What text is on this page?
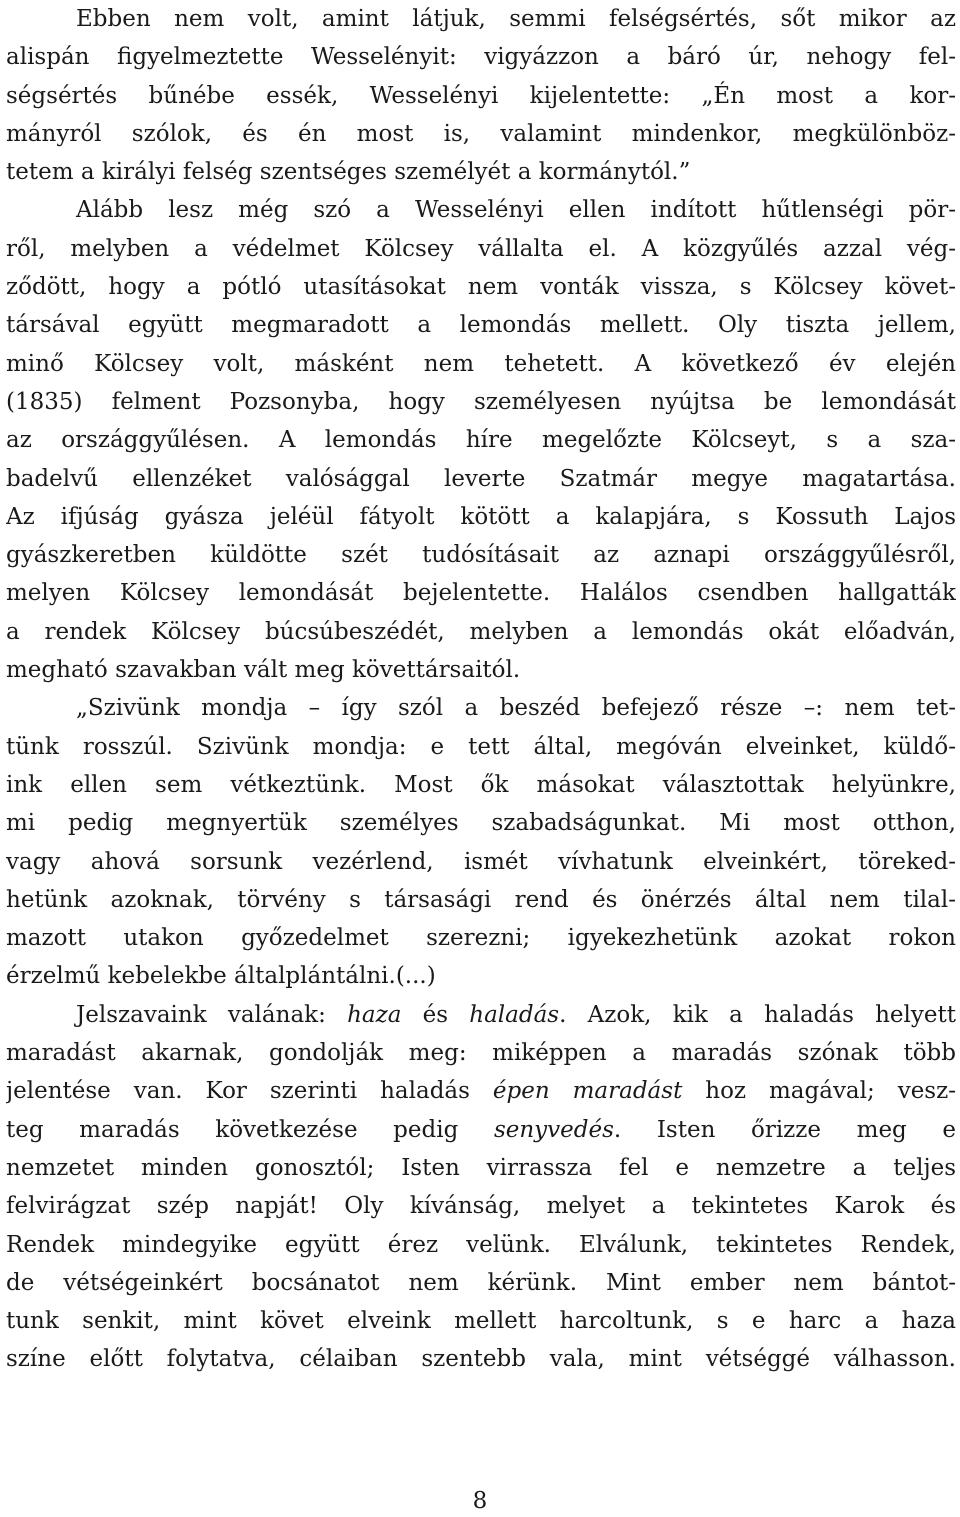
Ebben nem volt, amint látjuk, semmi felségsértés, sőt mikor az
alispán figyelmeztette Wesselényit: vigyázzon a báró úr, nehogy fel-
ségsértés bűnébe essék, Wesselényi kijelentette: „Én most a kor-
mányról szólok, és én most is, valamint mindenkor, megkülönböz-
tetem a királyi felség szentséges személyét a kormánytól.”
Alább lesz még szó a Wesselényi ellen indított hűtlenségi pör-
ről, melyben a védelmet Kölcsey vállalta el. A közgyűlés azzal vég-
ződött, hogy a pótló utasításokat nem vonták vissza, s Kölcsey követ-
társával együtt megmaradott a lemondás mellett. Oly tiszta jellem,
minő Kölcsey volt, másként nem tehetett. A következő év elején
(1835) felment Pozsonyba, hogy személyesen nyújtsa be lemondását
az országgyűlésen. A lemondás híre megelőzte Kölcseyt, s a sza-
badelvű ellenzéket valósággal leverte Szatmár megye magatartása.
Az ifjúság gyásza jeléül fátyolt kötött a kalapjára, s Kossuth Lajos
gyászkeretben küldötte szét tudósításait az aznapi országgyűlésről,
melyen Kölcsey lemondását bejelentette. Halálos csendben hallgatták
a rendek Kölcsey búcsúbeszédét, melyben a lemondás okát előadván,
megható szavakban vált meg követtársaitól.
„Szivünk mondja – így szól a beszéd befejező része –: nem tet-
tünk rosszúl. Szivünk mondja: e tett által, megóván elveinket, küldő-
ink ellen sem vétkeztünk. Most ők másokat választottak helyünkre,
mi pedig megnyertük személyes szabadságunkat. Mi most otthon,
vagy ahová sorsunk vezérlend, ismét vívhatunk elveinkért, töreked-
hetünk azoknak, törvény s társasági rend és önérzés által nem tilal-
mazott utakon győzedelmet szerezni; igyekezhetünk azokat rokon
érzelmű kebelekbe általplántálni.(...)
Jelszavaink valának: haza és haladás. Azok, kik a haladás helyett
maradást akarnak, gondolják meg: miképpen a maradás szónak több
jelentése van. Kor szerinti haladás épen maradást hoz magával; vesz-
teg maradás következése pedig senyvedés. Isten őrizze meg e
nemzetet minden gonosztól; Isten virrassza fel e nemzetre a teljes
felvirágzat szép napját! Oly kívánság, melyet a tekintetes Karok és
Rendek mindegyike együtt érez velünk. Elválunk, tekintetes Rendek,
de vétségeinkért bocsánatot nem kérünk. Mint ember nem bántot-
tunk senkit, mint követ elveink mellett harcoltunk, s e harc a haza
színe előtt folytatva, célaiban szentebb vala, mint vétséggé válhasson.
8
